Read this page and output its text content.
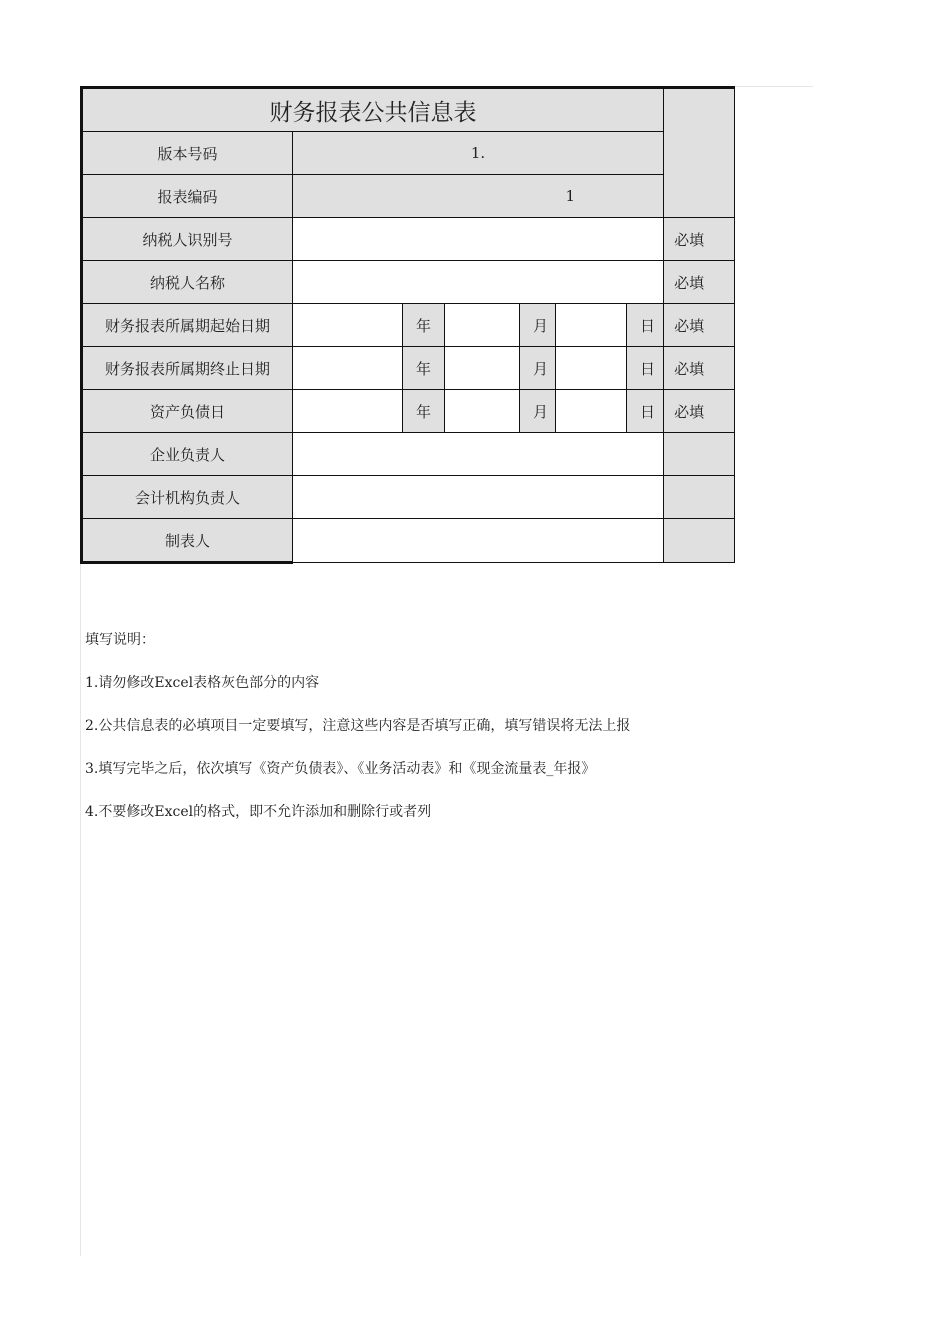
财务报表公共信息表							
版本号码	1.						
报表编码	1						
纳税人识别号							必填
纳税人名称							必填
财务报表所属期起始日期		年		月		日	必填
财务报表所属期终止日期		年		月		日	必填
资产负债日		年		月		日	必填
企业负责人							
会计机构负责人							
制表人							
填写说明：
1.请勿修改Excel表格灰色部分的内容
2.公共信息表的必填项目一定要填写，注意这些内容是否填写正确，填写错误将无法上报
3.填写完毕之后，依次填写《资产负债表》、《业务活动表》和《现金流量表_年报》
4.不要修改Excel的格式，即不允许添加和删除行或者列
